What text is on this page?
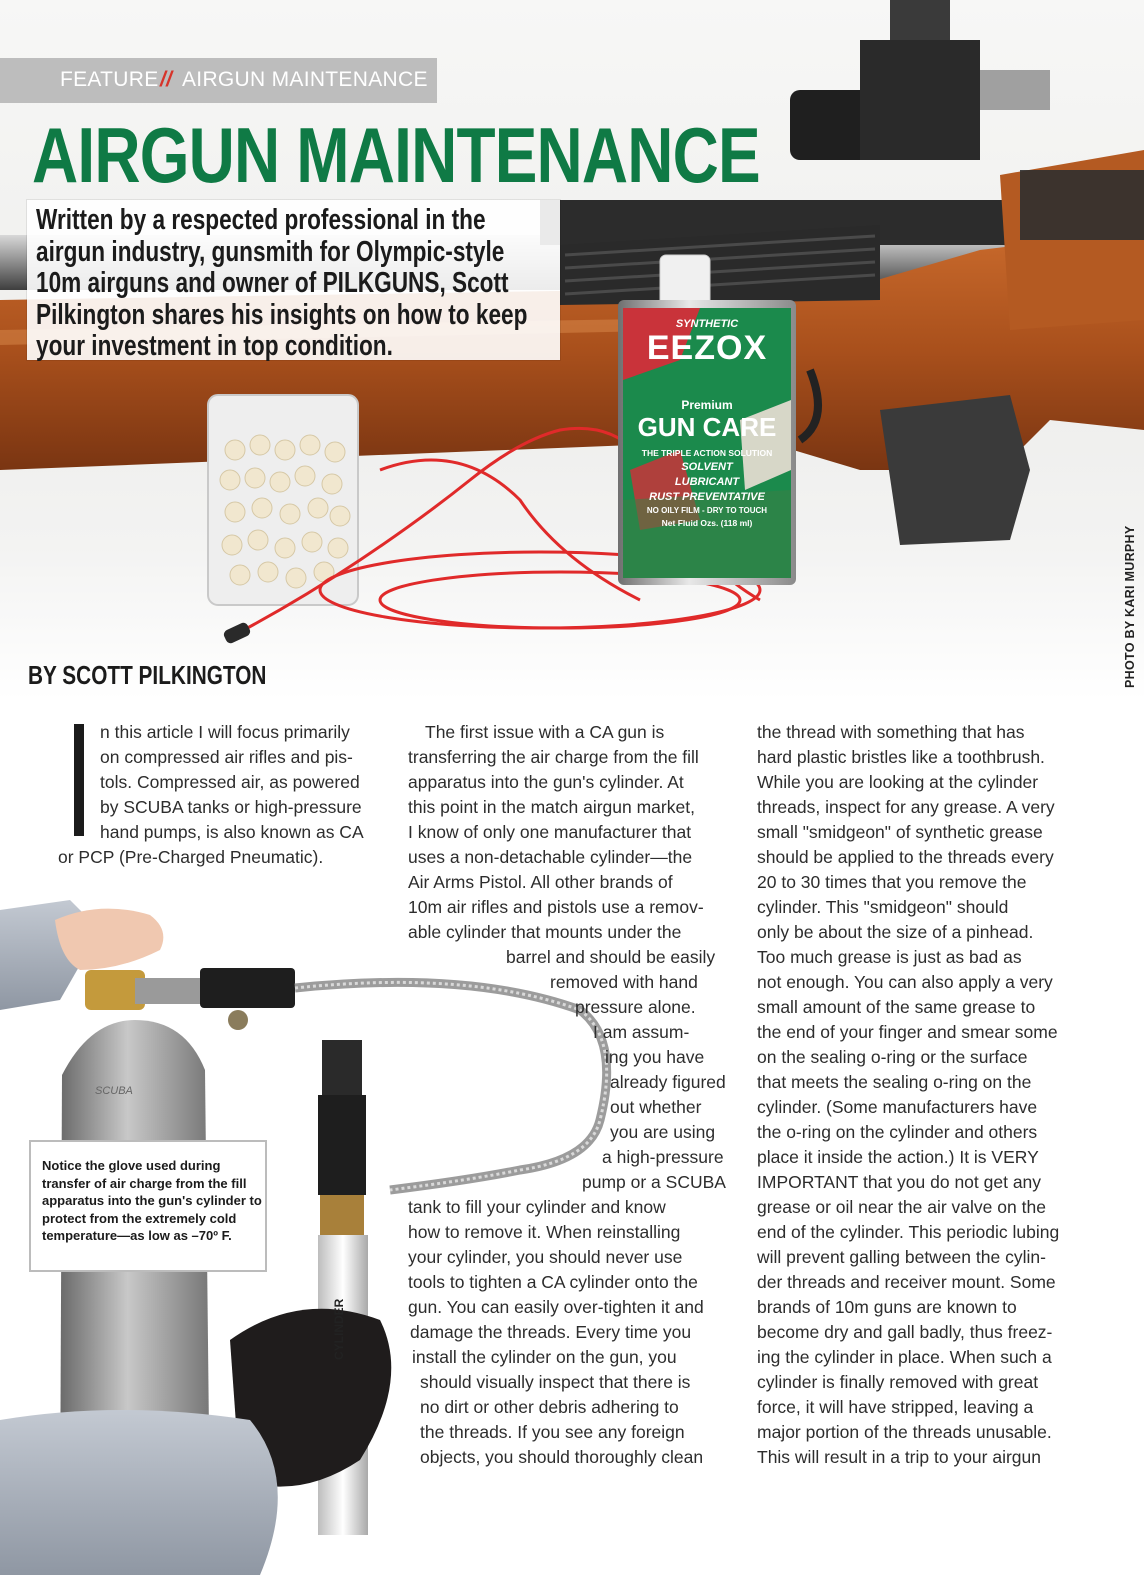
SYNTHETIC
EEZOX
Premium
GUN CARE
THE TRIPLE ACTION SOLUTION
SOLVENT
LUBRICANT
RUST PREVENTATIVE
NO OILY FILM - DRY TO TOUCH
Net Fluid Ozs. (118 ml)
FEATURE // AIRGUN MAINTENANCE
AIRGUN MAINTENANCE

Written by a respected professional in the airgun industry, gunsmith for Olympic-style 10m airguns and owner of PILKGUNS, Scott Pilkington shares his insights on how to keep your investment in top condition.

BY SCOTT PILKINGTON	PHOTO BY KARI MURPHY
CYLINDER
SCUBA

Notice the glove used during transfer of air charge from the fill apparatus into the gun's cylinder to protect from the extremely cold temperature—as low as –70º F.

n this article I will focus primarily
on compressed air rifles and pis-
tols. Compressed air, as powered
by SCUBA tanks or high-pressure
hand pumps, is also known as CA
or PCP (Pre-Charged Pneumatic).
The first issue with a CA gun is
transferring the air charge from the fill
apparatus into the gun's cylinder. At
this point in the match airgun market,
I know of only one manufacturer that
uses a non-detachable cylinder—the
Air Arms Pistol. All other brands of
10m air rifles and pistols use a remov-
able cylinder that mounts under the
barrel and should be easily
removed with hand
pressure alone.
I am assum-
ing you have
already figured
out whether
you are using
a high-pressure
pump or a SCUBA
tank to fill your cylinder and know
how to remove it. When reinstalling
your cylinder, you should never use
tools to tighten a CA cylinder onto the
gun. You can easily over-tighten it and
damage the threads. Every time you
install the cylinder on the gun, you
should visually inspect that there is
no dirt or other debris adhering to
the threads. If you see any foreign
objects, you should thoroughly clean
the thread with something that has
hard plastic bristles like a toothbrush.
While you are looking at the cylinder
threads, inspect for any grease. A very
small "smidgeon" of synthetic grease
should be applied to the threads every
20 to 30 times that you remove the
cylinder. This "smidgeon" should
only be about the size of a pinhead.
Too much grease is just as bad as
not enough. You can also apply a very
small amount of the same grease to
the end of your finger and smear some
on the sealing o-ring or the surface
that meets the sealing o-ring on the
cylinder. (Some manufacturers have
the o-ring on the cylinder and others
place it inside the action.) It is VERY
IMPORTANT that you do not get any
grease or oil near the air valve on the
end of the cylinder. This periodic lubing
will prevent galling between the cylin-
der threads and receiver mount. Some
brands of 10m guns are known to
become dry and gall badly, thus freez-
ing the cylinder in place. When such a
cylinder is finally removed with great
force, it will have stripped, leaving a
major portion of the threads unusable.
This will result in a trip to your airgun
